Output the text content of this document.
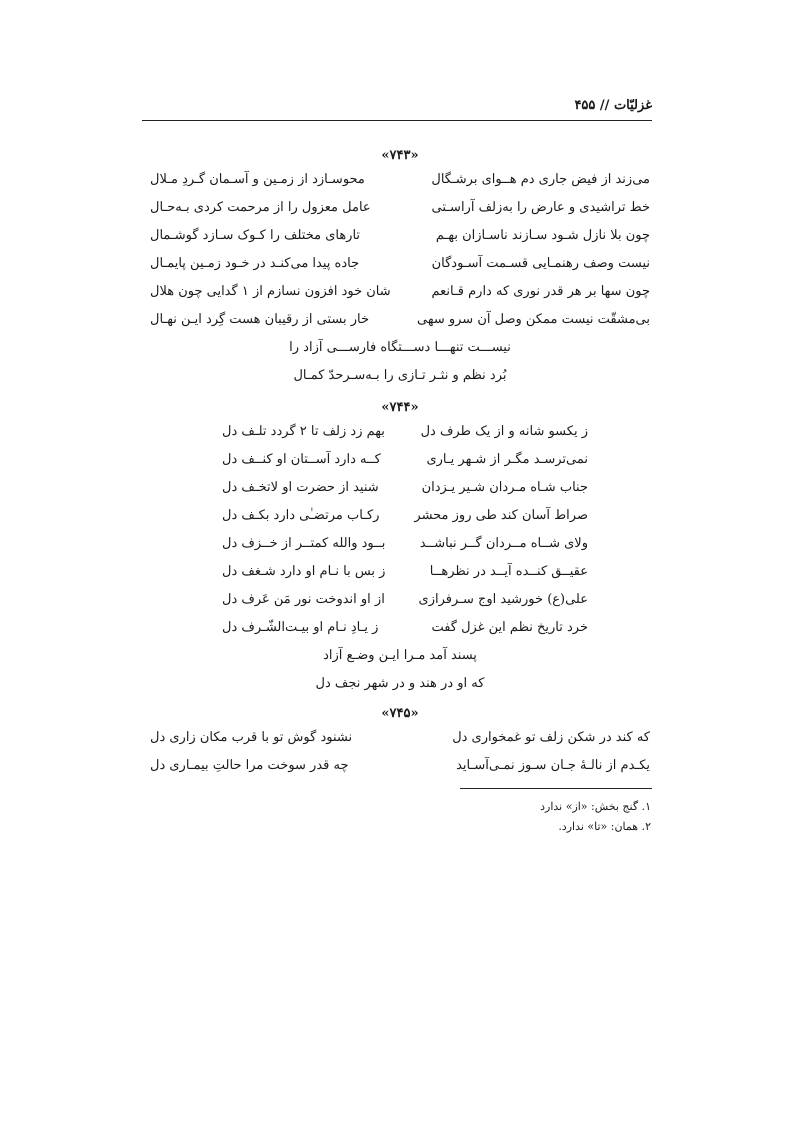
غزلیّات // ۴۵۵
«۷۴۳»
می‌زند از فیض جاری دم هــوای برشـگال
محوسـازد از زمـین و آسـمان گـردِ مـلال
خط تراشیدی و عارض را به‌زلف آراسـتی
عامل معزول را از مرحمت کردی بـه‌حـال
چون بلا نازل شـود سـازند ناسـازان بهـم
تارهای مختلف را کـوک سـازد گوشـمال
نیست وصف رهنمـایی قسـمت آسـودگان
جاده پیدا می‌کنـد در خـود زمـین پایمـال
چون سها بر هر قدر نوری که دارم قـانعم
شان خود افزون نسازم از ۱ گدایی چون هلال
بی‌مشقّت نیست ممکن وصل آن سرو سهی
خار بستی از رقیبان هست گِرد ایـن نهـال
نیســـت تنهـــا دســـتگاه فارســـی آزاد را
بُرد نظم و نثـر تـازی را بـه‌سـرحدّ کمـال
«۷۴۴»
ز یکسو شانه و از یک طرف دل
بهم زد زلف تا ۲ گردد تلـف دل
نمی‌ترسـد مگـر از شـهر یـاری
کــه دارد آســتان او کنــف دل
جناب شـاه مـردان شـیر یـزدان
شنید از حضرت او لاتخـف دل
صراط آسان کند طی روز محشر
رکـاب مرتضـٰی دارد بکـف دل
ولای شــاه مــردان گــر نباشــد
بــود والله کمتــر از خــزف دل
عقیــق کنــده آیــد در نظرهــا
ز بس با نـام او دارد شـغف دل
علی(ع) خورشید اوج سـرفرازی
از او اندوخت نور مَن عَرف دل
خرد تاریخ نظم این غزل گفت
ز یـادِ نـام او بیـت‌الشّـرف دل
پسند آمد مـرا ایـن وضـع آزاد
که او در هند و در شهر نجف دل
«۷۴۵»
که کند در شکن زلف تو غمخواری دل
نشنود گوش تو با قرب مکان زاری دل
یکـدم از نالـۀ جـان سـوز نمـی‌آسـاید
چه قدر سوخت مرا حالتِ بیمـاری دل
۱. گنج بخش: «از» ندارد
۲. همان: «تا» ندارد.
